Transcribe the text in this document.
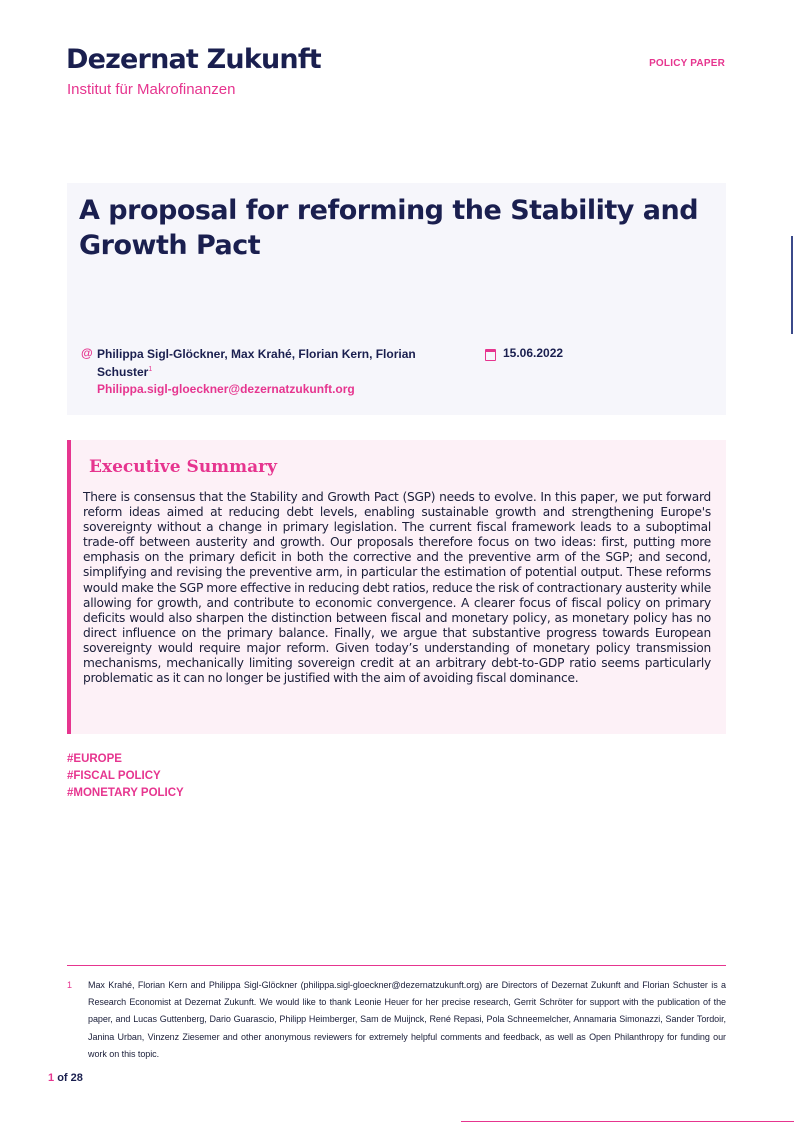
Dezernat Zukunft
Institut für Makrofinanzen
POLICY PAPER
A proposal for reforming the Stability and Growth Pact
@ Philippa Sigl-Glöckner, Max Krahé, Florian Kern, Florian Schuster$^1$
Philippa.sigl-gloeckner@dezernatzukunft.org
15.06.2022
Executive Summary

There is consensus that the Stability and Growth Pact (SGP) needs to evolve. In this paper, we put forward reform ideas aimed at reducing debt levels, enabling sustainable growth and strengthening Europe's sovereignty without a change in primary legislation. The current fiscal framework leads to a suboptimal trade-off between austerity and growth. Our proposals therefore focus on two ideas: first, putting more emphasis on the primary deficit in both the corrective and the preventive arm of the SGP; and second, simplifying and revising the preventive arm, in particular the estimation of potential output. These reforms would make the SGP more effective in reducing debt ratios, reduce the risk of contractionary austerity while allowing for growth, and contribute to economic convergence. A clearer focus of fiscal policy on primary deficits would also sharpen the distinction between fiscal and monetary policy, as monetary policy has no direct influence on the primary balance. Finally, we argue that substantive progress towards European sovereignty would require major reform. Given today’s understanding of monetary policy transmission mechanisms, mechanically limiting sovereign credit at an arbitrary debt-to-GDP ratio seems particularly problematic as it can no longer be justified with the aim of avoiding fiscal dominance.

#EUROPE
#FISCAL POLICY
#MONETARY POLICY
1 Max Krahé, Florian Kern and Philippa Sigl-Glöckner (philippa.sigl-gloeckner@dezernatzukunft.org) are Directors of Dezernat Zukunft and Florian Schuster is a Research Economist at Dezernat Zukunft. We would like to thank Leonie Heuer for her precise research, Gerrit Schröter for support with the publication of the paper, and Lucas Guttenberg, Dario Guarascio, Philipp Heimberger, Sam de Muijnck, René Repasi, Pola Schneemelcher, Annamaria Simonazzi, Sander Tordoir, Janina Urban, Vinzenz Ziesemer and other anonymous reviewers for extremely helpful comments and feedback, as well as Open Philanthropy for funding our work on this topic.

1 of 28
